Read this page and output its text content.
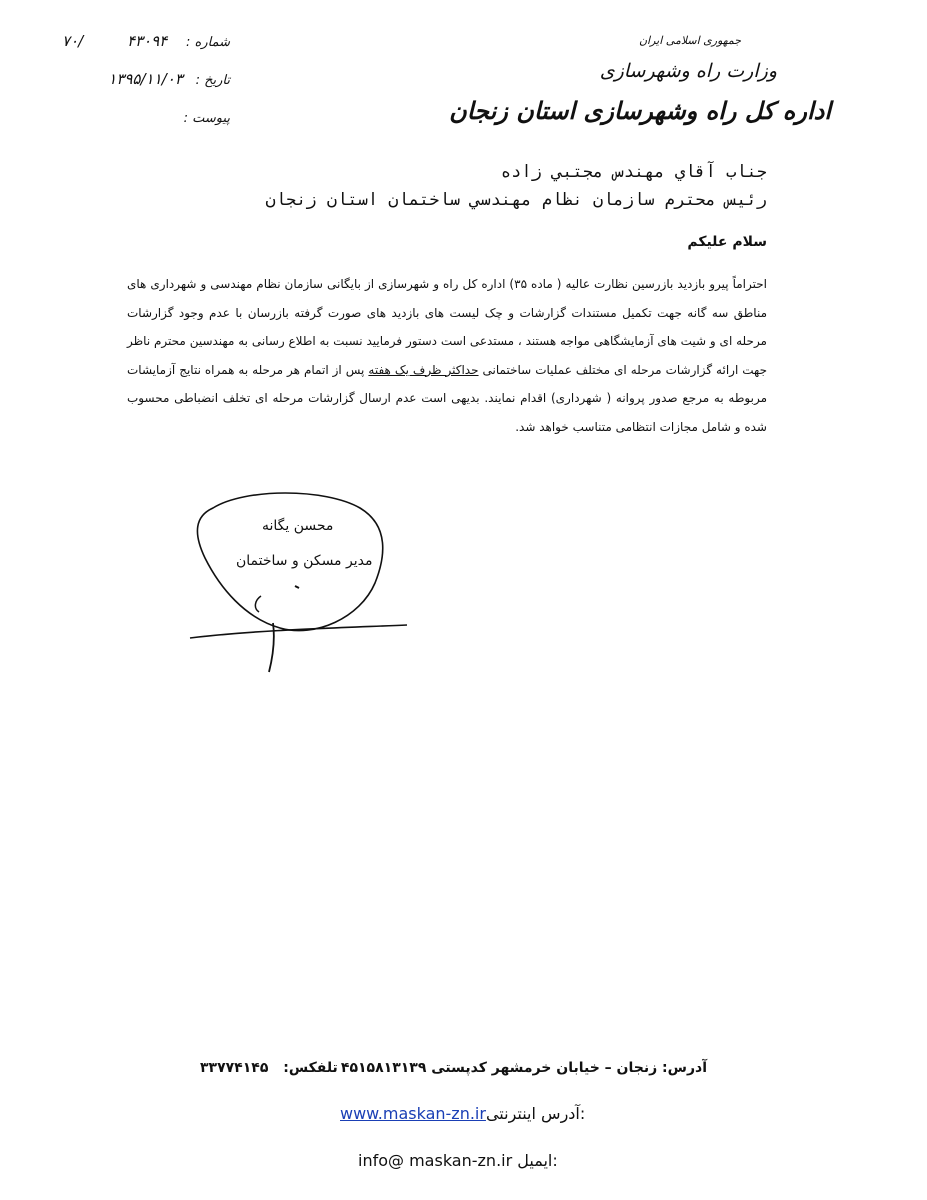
شماره : ۴۳۰۹۴
۷۰/
تاریخ : ۱۳۹۵/۱۱/۰۳
پیوست :
جمهوری اسلامی ایران
وزارت راه وشهرسازی
اداره کل راه وشهرسازی استان زنجان
جناب آقاي مهندس مجتبي زاده
رئيس محترم سازمان نظام مهندسي ساختمان استان زنجان
سلام علیکم
احتراماً پیرو بازدید بازرسین نظارت عالیه ( ماده ۳۵) اداره کل راه و شهرسازی از بایگانی سازمان نظام مهندسی و شهرداری های مناطق سه گانه جهت تکمیل مستندات گزارشات و چک لیست های بازدید های صورت گرفته بازرسان با عدم وجود گزارشات مرحله ای و شیت های آزمایشگاهی مواجه هستند ، مستدعی است دستور فرمایید نسبت به اطلاع رسانی به مهندسین محترم ناظر جهت ارائه گزارشات مرحله ای مختلف عملیات ساختمانی حداکثر ظرف یک هفته پس از اتمام هر مرحله به همراه نتایج آزمایشات مربوطه به مرجع صدور پروانه ( شهرداری) اقدام نمایند. بدیهی است عدم ارسال گزارشات مرحله ای تخلف انضباطی محسوب شده و شامل مجازات انتظامی متناسب خواهد شد.
محسن یگانه
مدیر مسکن و ساختمان
آدرس: زنجان – خیابان خرمشهر کدپستی ۴۵۱۵۸۱۳۱۳۹
تلفکس: ۳۳۷۷۴۱۴۵
www.maskan-zn.irآدرس اینترنتی:
info@ maskan-zn.ir ایمیل:
